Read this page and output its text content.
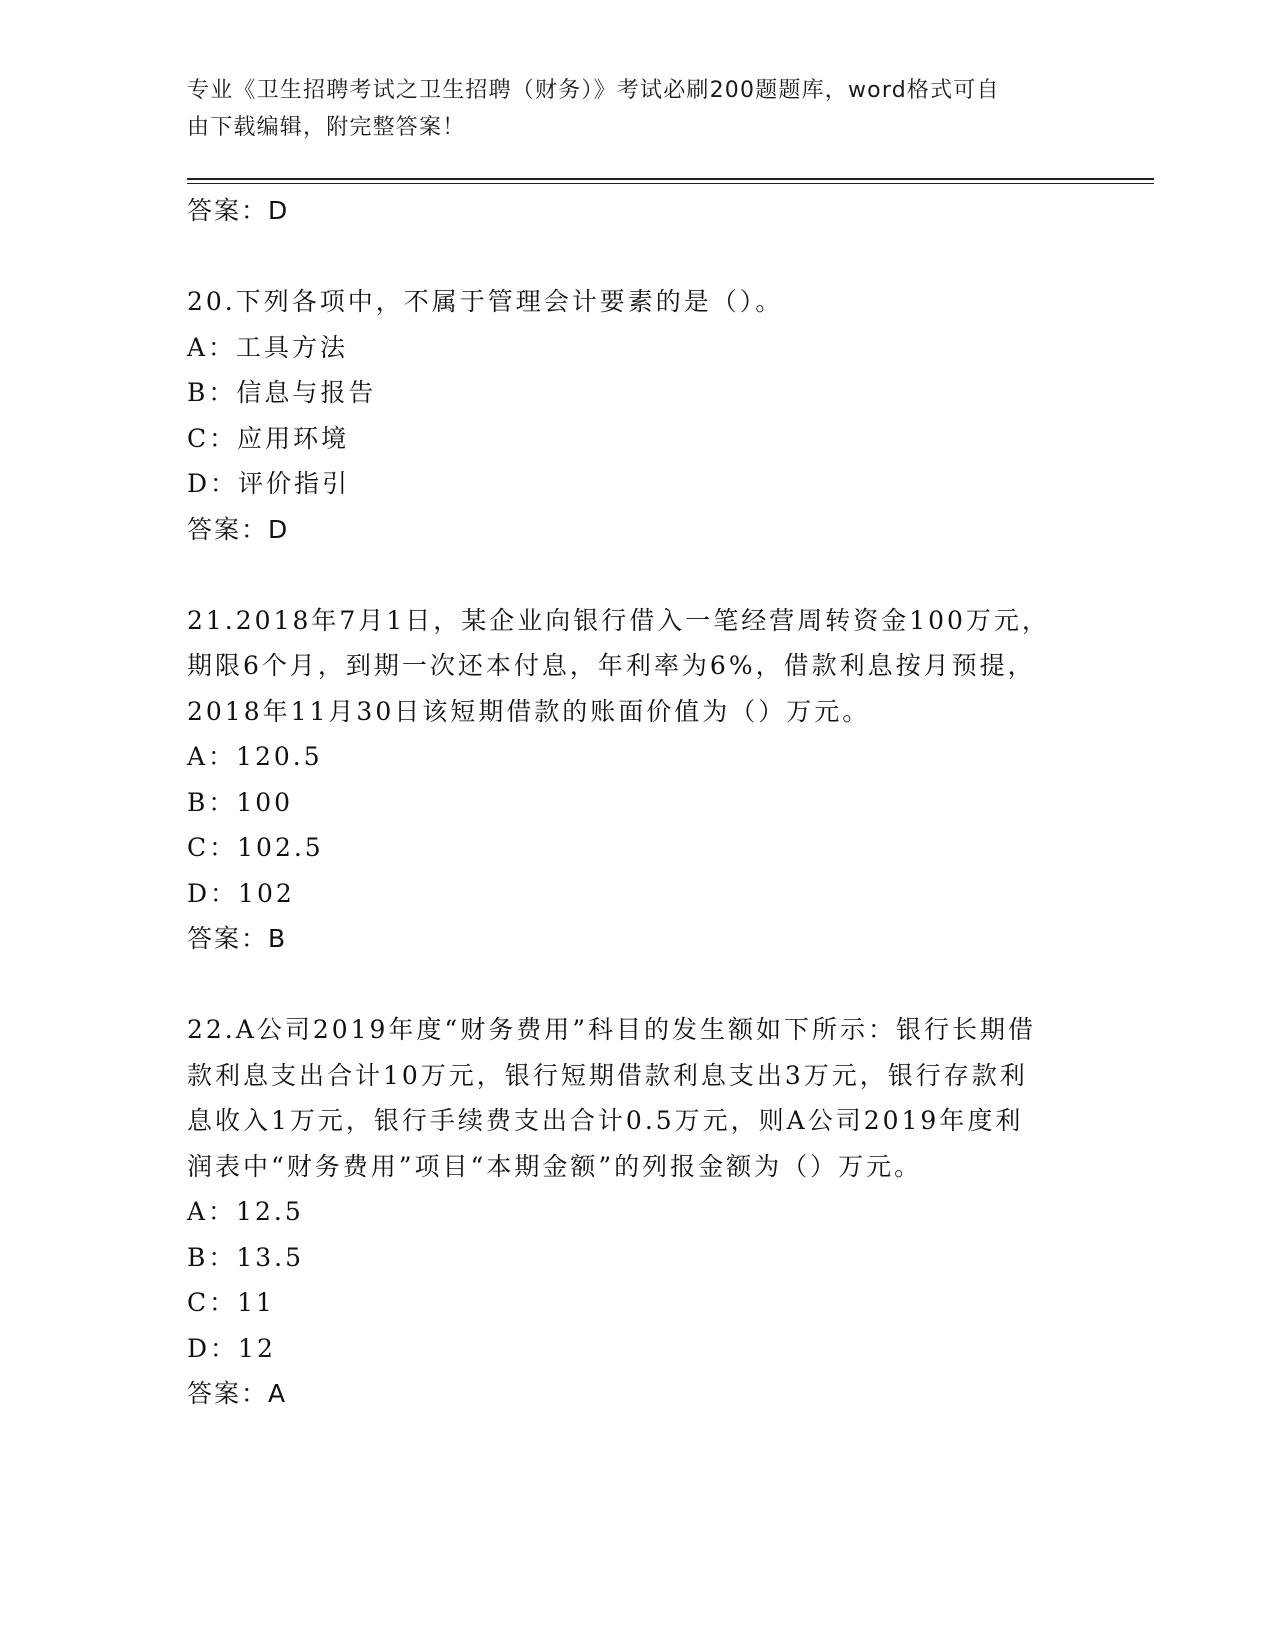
专业《卫生招聘考试之卫生招聘（财务）》考试必刷200题题库，word格式可自
由下载编辑，附完整答案！
答案：D
20.下列各项中，不属于管理会计要素的是（）。
A：工具方法
B：信息与报告
C：应用环境
D：评价指引
答案：D
21.2018年7月1日，某企业向银行借入一笔经营周转资金100万元，
期限6个月，到期一次还本付息，年利率为6%，借款利息按月预提，
2018年11月30日该短期借款的账面价值为（）万元。
A：120.5
B：100
C：102.5
D：102
答案：B
22.A公司2019年度“财务费用”科目的发生额如下所示：银行长期借
款利息支出合计10万元，银行短期借款利息支出3万元，银行存款利
息收入1万元，银行手续费支出合计0.5万元，则A公司2019年度利
润表中“财务费用”项目“本期金额”的列报金额为（）万元。
A：12.5
B：13.5
C：11
D：12
答案：A
